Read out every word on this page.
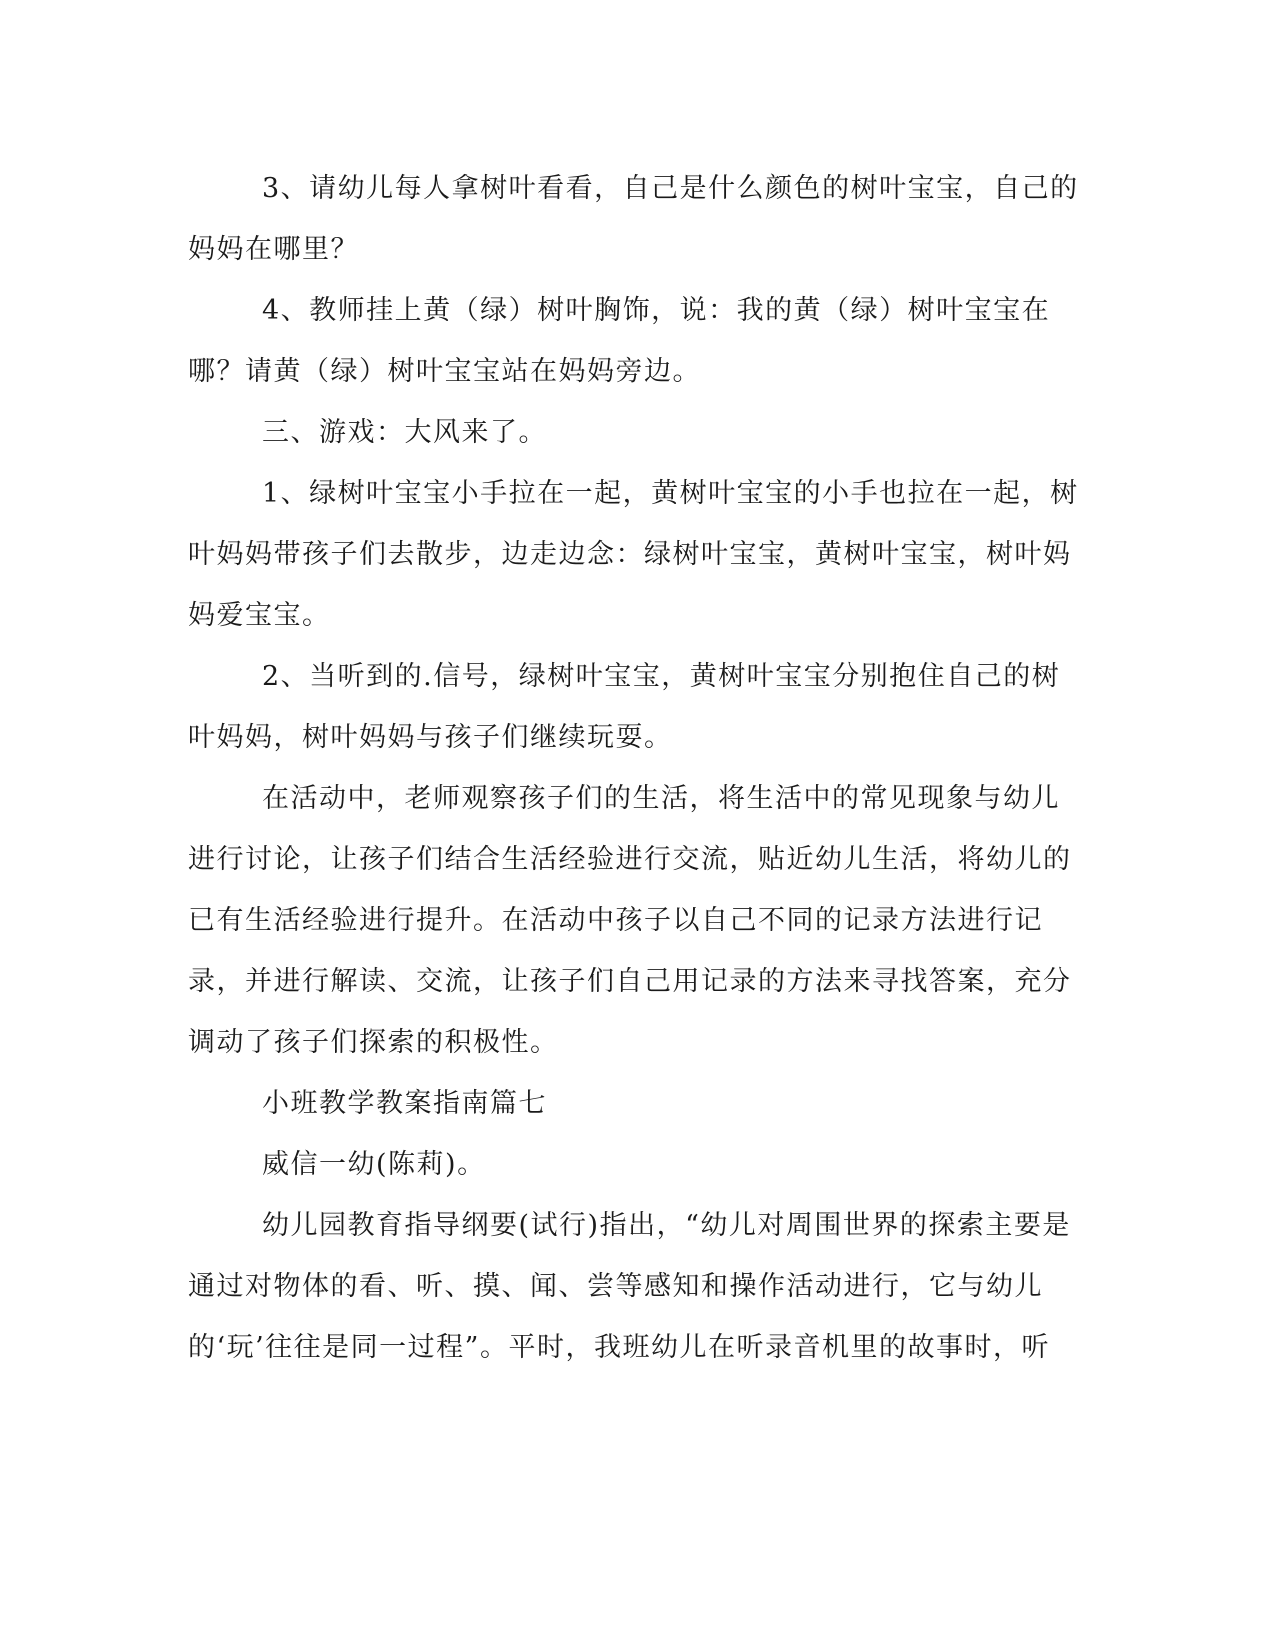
3、请幼儿每人拿树叶看看，自己是什么颜色的树叶宝宝，自己的妈妈在哪里？

4、教师挂上黄（绿）树叶胸饰，说：我的黄（绿）树叶宝宝在哪？请黄（绿）树叶宝宝站在妈妈旁边。

三、游戏：大风来了。

1、绿树叶宝宝小手拉在一起，黄树叶宝宝的小手也拉在一起，树叶妈妈带孩子们去散步，边走边念：绿树叶宝宝，黄树叶宝宝，树叶妈妈爱宝宝。

2、当听到的.信号，绿树叶宝宝，黄树叶宝宝分别抱住自己的树叶妈妈，树叶妈妈与孩子们继续玩耍。

在活动中，老师观察孩子们的生活，将生活中的常见现象与幼儿进行讨论，让孩子们结合生活经验进行交流，贴近幼儿生活，将幼儿的已有生活经验进行提升。在活动中孩子以自己不同的记录方法进行记录，并进行解读、交流，让孩子们自己用记录的方法来寻找答案，充分调动了孩子们探索的积极性。

小班教学教案指南篇七

威信一幼(陈莉)。

幼儿园教育指导纲要(试行)指出，“幼儿对周围世界的探索主要是通过对物体的看、听、摸、闻、尝等感知和操作活动进行，它与幼儿的‘玩’往往是同一过程”。平时，我班幼儿在听录音机里的故事时，听
